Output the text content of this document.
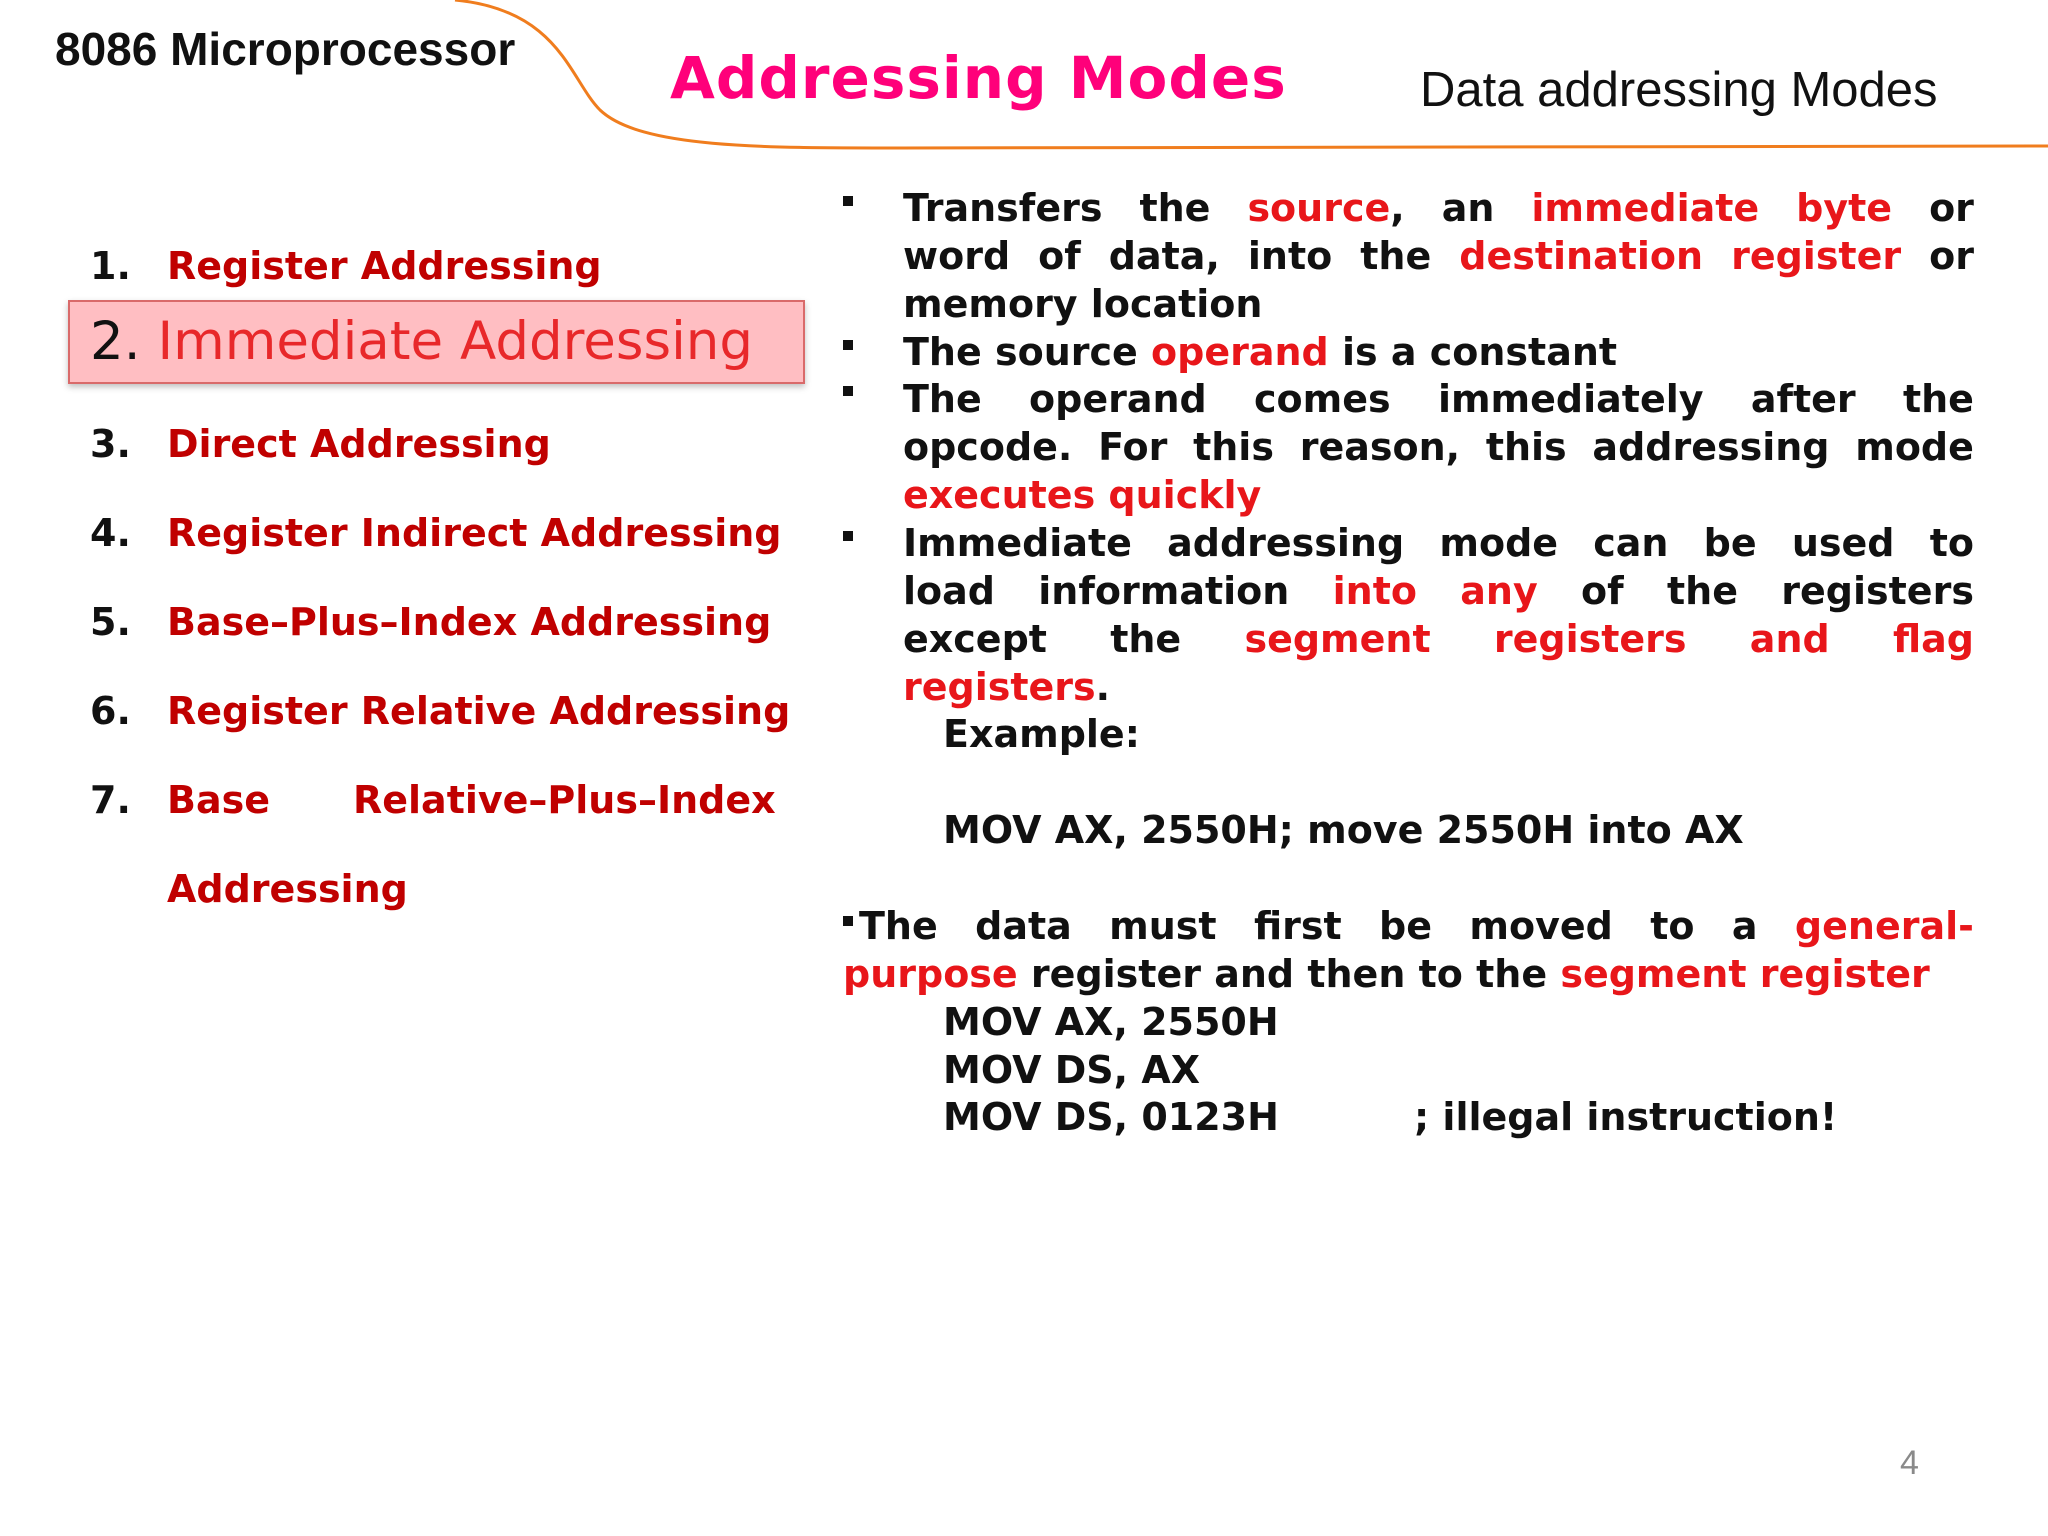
8086 Microprocessor	Addressing Modes	Data addressing Modes
1. Register Addressing
2. Immediate Addressing
3. Direct Addressing
4. Register Indirect Addressing
5. Base–Plus–Index Addressing
6. Register Relative Addressing
7. Base Relative–Plus–Index
Addressing
Transfers the source, an immediate byte or
word of data, into the destination register or
memory location
The source operand is a constant
The operand comes immediately after the
opcode. For this reason, this addressing mode
executes quickly
Immediate addressing mode can be used to
load information into any of the registers
except the segment registers and flag
registers.
Example:
MOV AX, 2550H; move 2550H into AX
The data must first be moved to a general-
purpose register and then to the segment register
MOV AX, 2550H
MOV DS, AX
MOV DS, 0123H	; illegal instruction!
4
